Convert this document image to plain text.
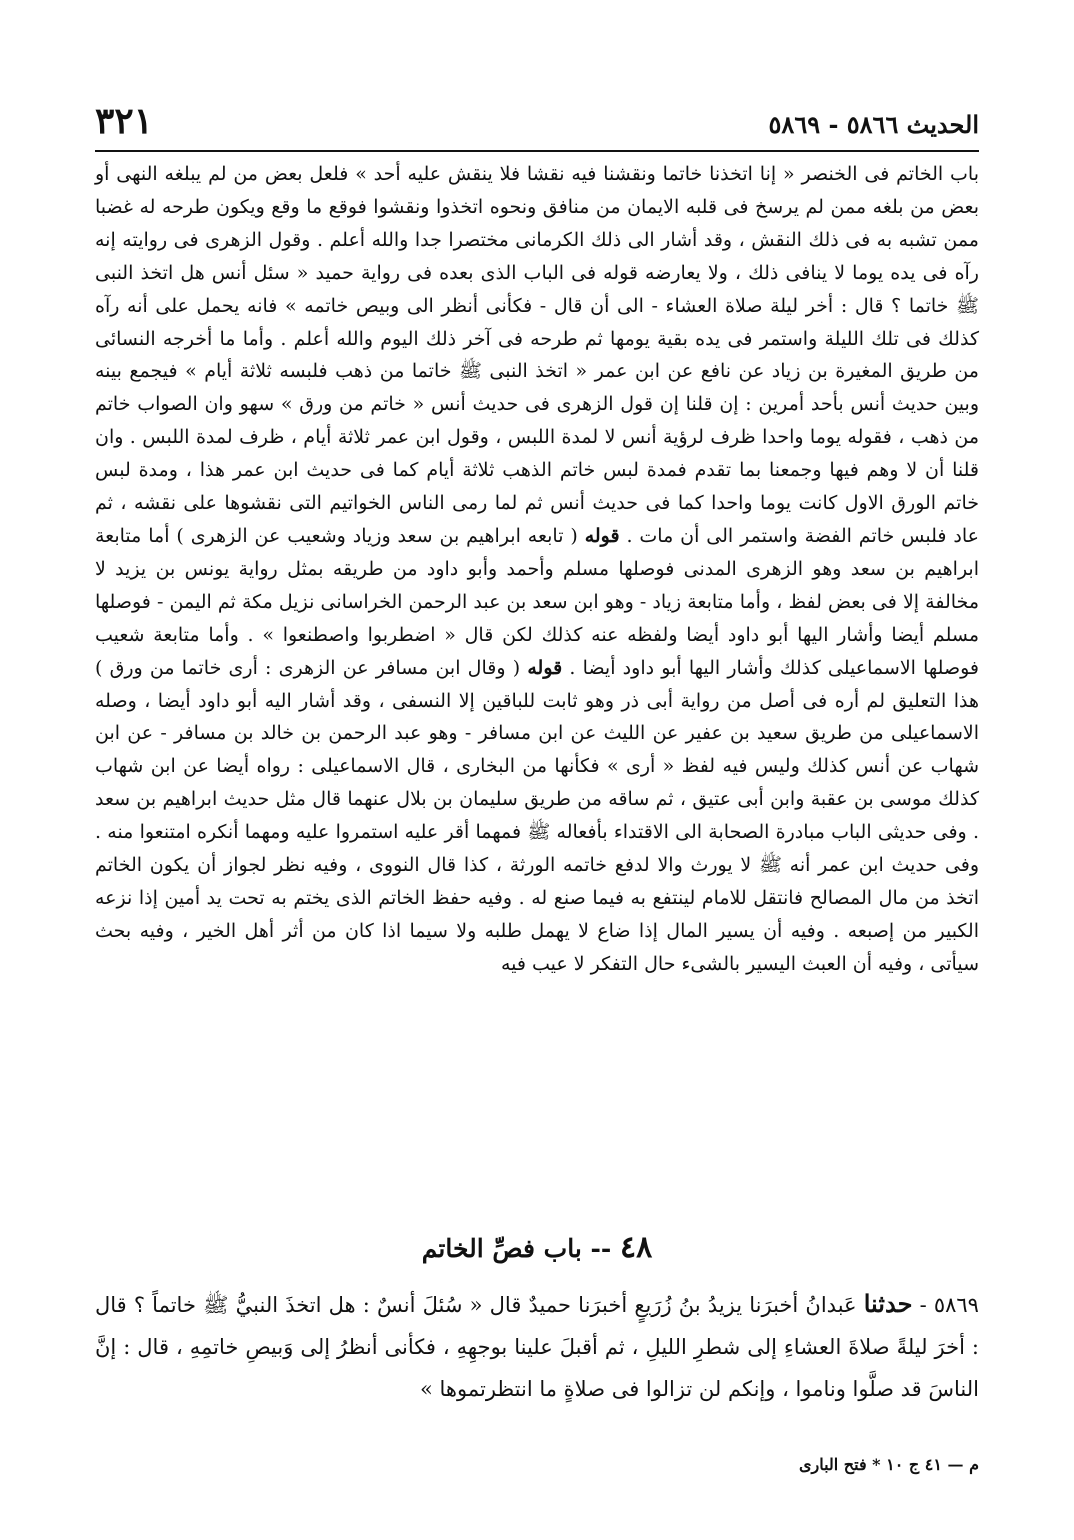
الحديث ٥٨٦٦ - ٥٨٦٩
٣٢١

باب الخاتم فى الخنصر « إنا اتخذنا خاتما ونقشنا فيه نقشا فلا ينقش عليه أحد » فلعل بعض من لم يبلغه النهى أو بعض من بلغه ممن لم يرسخ فى قلبه الايمان من منافق ونحوه اتخذوا ونقشوا فوقع ما وقع ويكون طرحه له غضبا ممن تشبه به فى ذلك النقش ، وقد أشار الى ذلك الكرمانى مختصرا جدا والله أعلم . وقول الزهرى فى روايته إنه رآه فى يده يوما لا ينافى ذلك ، ولا يعارضه قوله فى الباب الذى بعده فى رواية حميد « سئل أنس هل اتخذ النبى ﷺ خاتما ؟ قال : أخر ليلة صلاة العشاء - الى أن قال - فكأنى أنظر الى وبيص خاتمه » فانه يحمل على أنه رآه كذلك فى تلك الليلة واستمر فى يده بقية يومها ثم طرحه فى آخر ذلك اليوم والله أعلم . وأما ما أخرجه النسائى من طريق المغيرة بن زياد عن نافع عن ابن عمر « اتخذ النبى ﷺ خاتما من ذهب فلبسه ثلاثة أيام » فيجمع بينه وبين حديث أنس بأحد أمرين : إن قلنا إن قول الزهرى فى حديث أنس « خاتم من ورق » سهو وان الصواب خاتم من ذهب ، فقوله يوما واحدا ظرف لرؤية أنس لا لمدة اللبس ، وقول ابن عمر ثلاثة أيام ، ظرف لمدة اللبس . وان قلنا أن لا وهم فيها وجمعنا بما تقدم فمدة لبس خاتم الذهب ثلاثة أيام كما فى حديث ابن عمر هذا ، ومدة لبس خاتم الورق الاول كانت يوما واحدا كما فى حديث أنس ثم لما رمى الناس الخواتيم التى نقشوها على نقشه ، ثم عاد فلبس خاتم الفضة واستمر الى أن مات . قوله ( تابعه ابراهيم بن سعد وزياد وشعيب عن الزهرى ) أما متابعة ابراهيم بن سعد وهو الزهرى المدنى فوصلها مسلم وأحمد وأبو داود من طريقه بمثل رواية يونس بن يزيد لا مخالفة إلا فى بعض لفظ ، وأما متابعة زياد - وهو ابن سعد بن عبد الرحمن الخراسانى نزيل مكة ثم اليمن - فوصلها مسلم أيضا وأشار اليها أبو داود أيضا ولفظه عنه كذلك لكن قال « اضطربوا واصطنعوا » . وأما متابعة شعيب فوصلها الاسماعيلى كذلك وأشار اليها أبو داود أيضا . قوله ( وقال ابن مسافر عن الزهرى : أرى خاتما من ورق ) هذا التعليق لم أره فى أصل من رواية أبى ذر وهو ثابت للباقين إلا النسفى ، وقد أشار اليه أبو داود أيضا ، وصله الاسماعيلى من طريق سعيد بن عفير عن الليث عن ابن مسافر - وهو عبد الرحمن بن خالد بن مسافر - عن ابن شهاب عن أنس كذلك وليس فيه لفظ « أرى » فكأنها من البخارى ، قال الاسماعيلى : رواه أيضا عن ابن شهاب كذلك موسى بن عقبة وابن أبى عتيق ، ثم ساقه من طريق سليمان بن بلال عنهما قال مثل حديث ابراهيم بن سعد . وفى حديثى الباب مبادرة الصحابة الى الاقتداء بأفعاله ﷺ فمهما أقر عليه استمروا عليه ومهما أنكره امتنعوا منه . وفى حديث ابن عمر أنه ﷺ لا يورث والا لدفع خاتمه الورثة ، كذا قال النووى ، وفيه نظر لجواز أن يكون الخاتم اتخذ من مال المصالح فانتقل للامام لينتفع به فيما صنع له . وفيه حفظ الخاتم الذى يختم به تحت يد أمين إذا نزعه الكبير من إصبعه . وفيه أن يسير المال إذا ضاع لا يهمل طلبه ولا سيما اذا كان من أثر أهل الخير ، وفيه بحث سيأتى ، وفيه أن العبث اليسير بالشىء حال التفكر لا عيب فيه

٤٨ -- باب فصِّ الخاتم

٥٨٦٩ - حدثنا عَبدانُ أخبرَنا يزيدُ بنُ زُرَيعٍ أخبرَنا حميدٌ قال « سُئلَ أنسٌ : هل اتخذَ النبيُّ ﷺ خاتماً ؟ قال : أخرَ ليلةً صلاةَ العشاءِ إلى شطرِ الليلِ ، ثم أقبلَ علينا بوجهِهِ ، فكأنى أنظرُ إلى وَبيصِ خاتمِهِ ، قال : إنَّ الناسَ قد صلَّوا وناموا ، وإنكم لن تزالوا فى صلاةٍ ما انتظرتموها »

م — ٤١ ج ١٠ * فتح البارى
